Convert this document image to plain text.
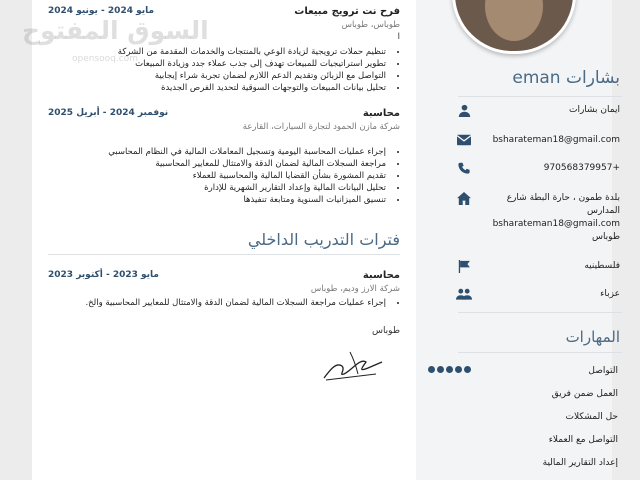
eman بشارات
ايمان بشارات
bsharateman18@gmail.com
970568379957+
بلدة طمون ، حارة البطة شارع المدارس bsharateman18@gmail.com طوباس
فلسطينيه
عزباء
المهارات
التواصل
العمل ضمن فريق
حل المشكلات
التواصل مع العملاء
إعداد التقارير المالية
فرح نت ترويج مبيعات
مايو 2024 - يونيو 2024
طوباس، طوباس
ا
• تنظيم حملات ترويجية لزيادة الوعي بالمنتجات والخدمات المقدمة من الشركة
• تطوير استراتيجيات للمبيعات تهدف إلى جذب عملاء جدد وزيادة المبيعات
• التواصل مع الزبائن وتقديم الدعم اللازم لضمان تجربة شراء إيجابية
• تحليل بيانات المبيعات والتوجهات السوقية لتحديد الفرص الجديدة
محاسبة
نوفمبر 2024 - أبريل 2025
شركة مازن الحمود لتجارة السيارات، القارعة
• إجراء عمليات المحاسبة اليومية وتسجيل المعاملات المالية في النظام المحاسبي
• مراجعة السجلات المالية لضمان الدقة والامتثال للمعايير المحاسبية
• تقديم المشورة بشأن القضايا المالية والمحاسبية للعملاء
• تحليل البيانات المالية وإعداد التقارير الشهرية للإدارة
• تنسيق الميزانيات السنوية ومتابعة تنفيذها
فترات التدريب الداخلي
محاسبة
مايو 2023 - أكتوبر 2023
شركة الارز وديم، طوباس
• إجراء عمليات مراجعة السجلات المالية لضمان الدقة والامتثال للمعايير المحاسبية والخ.
طوباس
السوق المفتوح
opensooq.com
